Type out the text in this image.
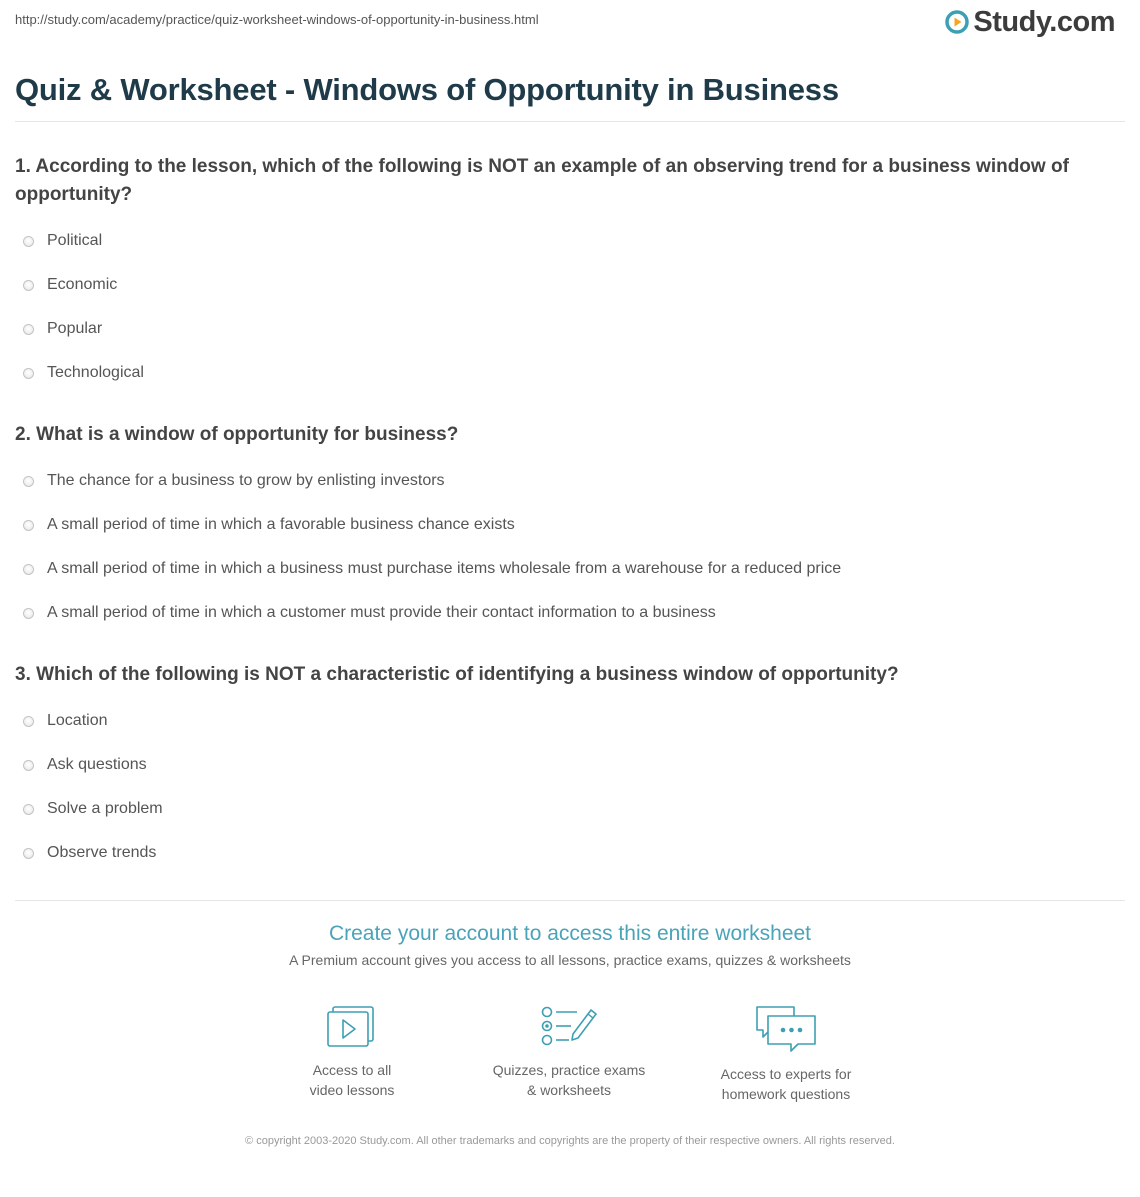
http://study.com/academy/practice/quiz-worksheet-windows-of-opportunity-in-business.html	Study.com
Quiz & Worksheet - Windows of Opportunity in Business

1. According to the lesson, which of the following is NOT an example of an observing trend for a business window of opportunity?

Political
Economic
Popular
Technological

2. What is a window of opportunity for business?

The chance for a business to grow by enlisting investors
A small period of time in which a favorable business chance exists
A small period of time in which a business must purchase items wholesale from a warehouse for a reduced price
A small period of time in which a customer must provide their contact information to a business

3. Which of the following is NOT a characteristic of identifying a business window of opportunity?

Location
Ask questions
Solve a problem
Observe trends
Create your account to access this entire worksheet
A Premium account gives you access to all lessons, practice exams, quizzes & worksheets
Access to all
video lessons
Quizzes, practice exams
& worksheets
Access to experts for
homework questions
© copyright 2003-2020 Study.com. All other trademarks and copyrights are the property of their respective owners. All rights reserved.
